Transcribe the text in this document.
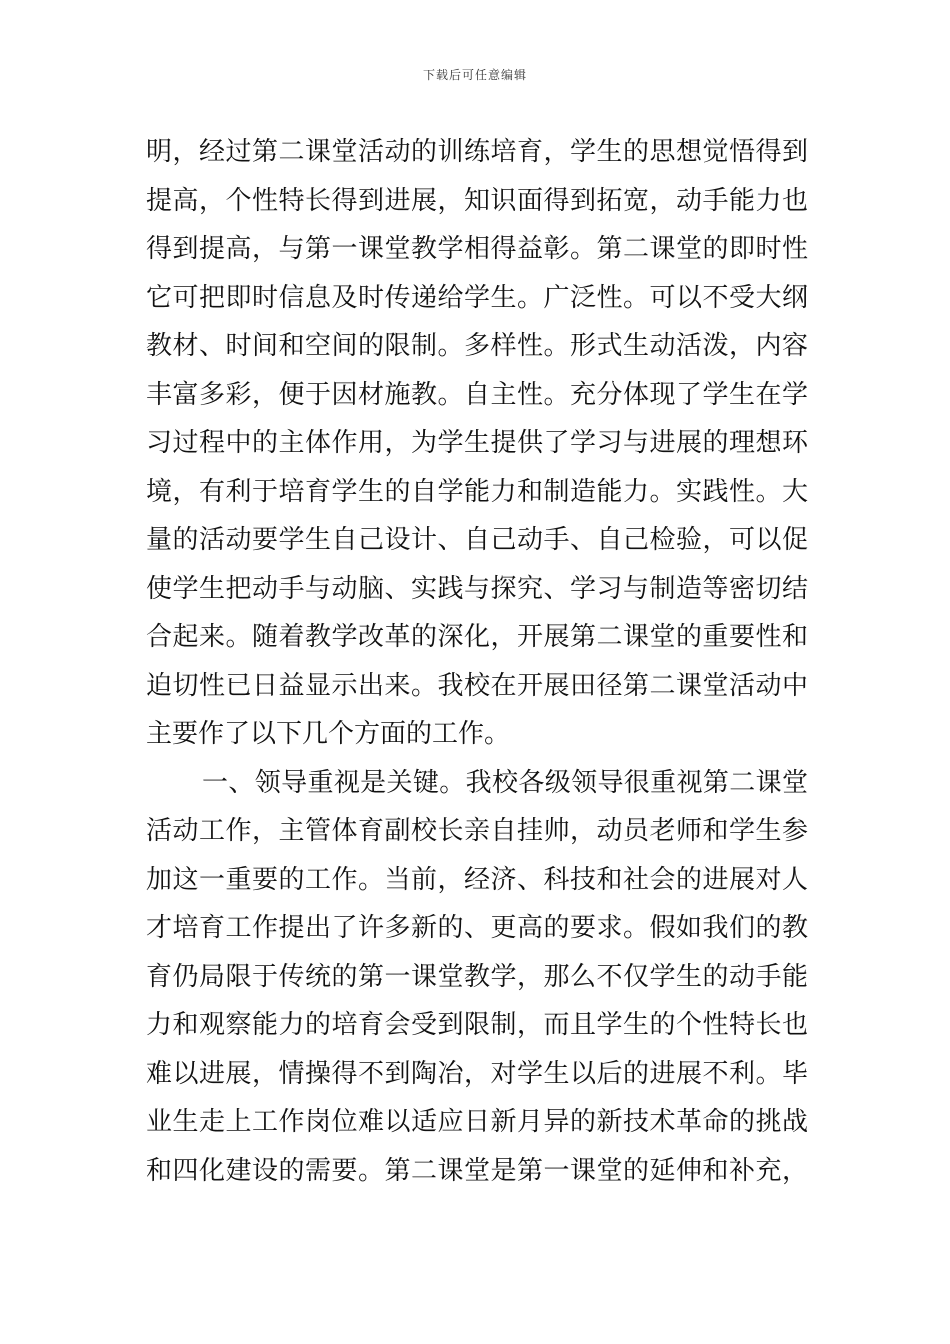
下载后可任意编辑
明，经过第二课堂活动的训练培育，学生的思想觉悟得到
提高，个性特长得到进展，知识面得到拓宽，动手能力也
得到提高，与第一课堂教学相得益彰。第二课堂的即时性
它可把即时信息及时传递给学生。广泛性。可以不受大纲
教材、时间和空间的限制。多样性。形式生动活泼，内容
丰富多彩，便于因材施教。自主性。充分体现了学生在学
习过程中的主体作用，为学生提供了学习与进展的理想环
境，有利于培育学生的自学能力和制造能力。实践性。大
量的活动要学生自己设计、自己动手、自己检验，可以促
使学生把动手与动脑、实践与探究、学习与制造等密切结
合起来。随着教学改革的深化，开展第二课堂的重要性和
迫切性已日益显示出来。我校在开展田径第二课堂活动中
主要作了以下几个方面的工作。
一、领导重视是关键。我校各级领导很重视第二课堂
活动工作，主管体育副校长亲自挂帅，动员老师和学生参
加这一重要的工作。当前，经济、科技和社会的进展对人
才培育工作提出了许多新的、更高的要求。假如我们的教
育仍局限于传统的第一课堂教学，那么不仅学生的动手能
力和观察能力的培育会受到限制，而且学生的个性特长也
难以进展，情操得不到陶冶，对学生以后的进展不利。毕
业生走上工作岗位难以适应日新月异的新技术革命的挑战
和四化建设的需要。第二课堂是第一课堂的延伸和补充，
